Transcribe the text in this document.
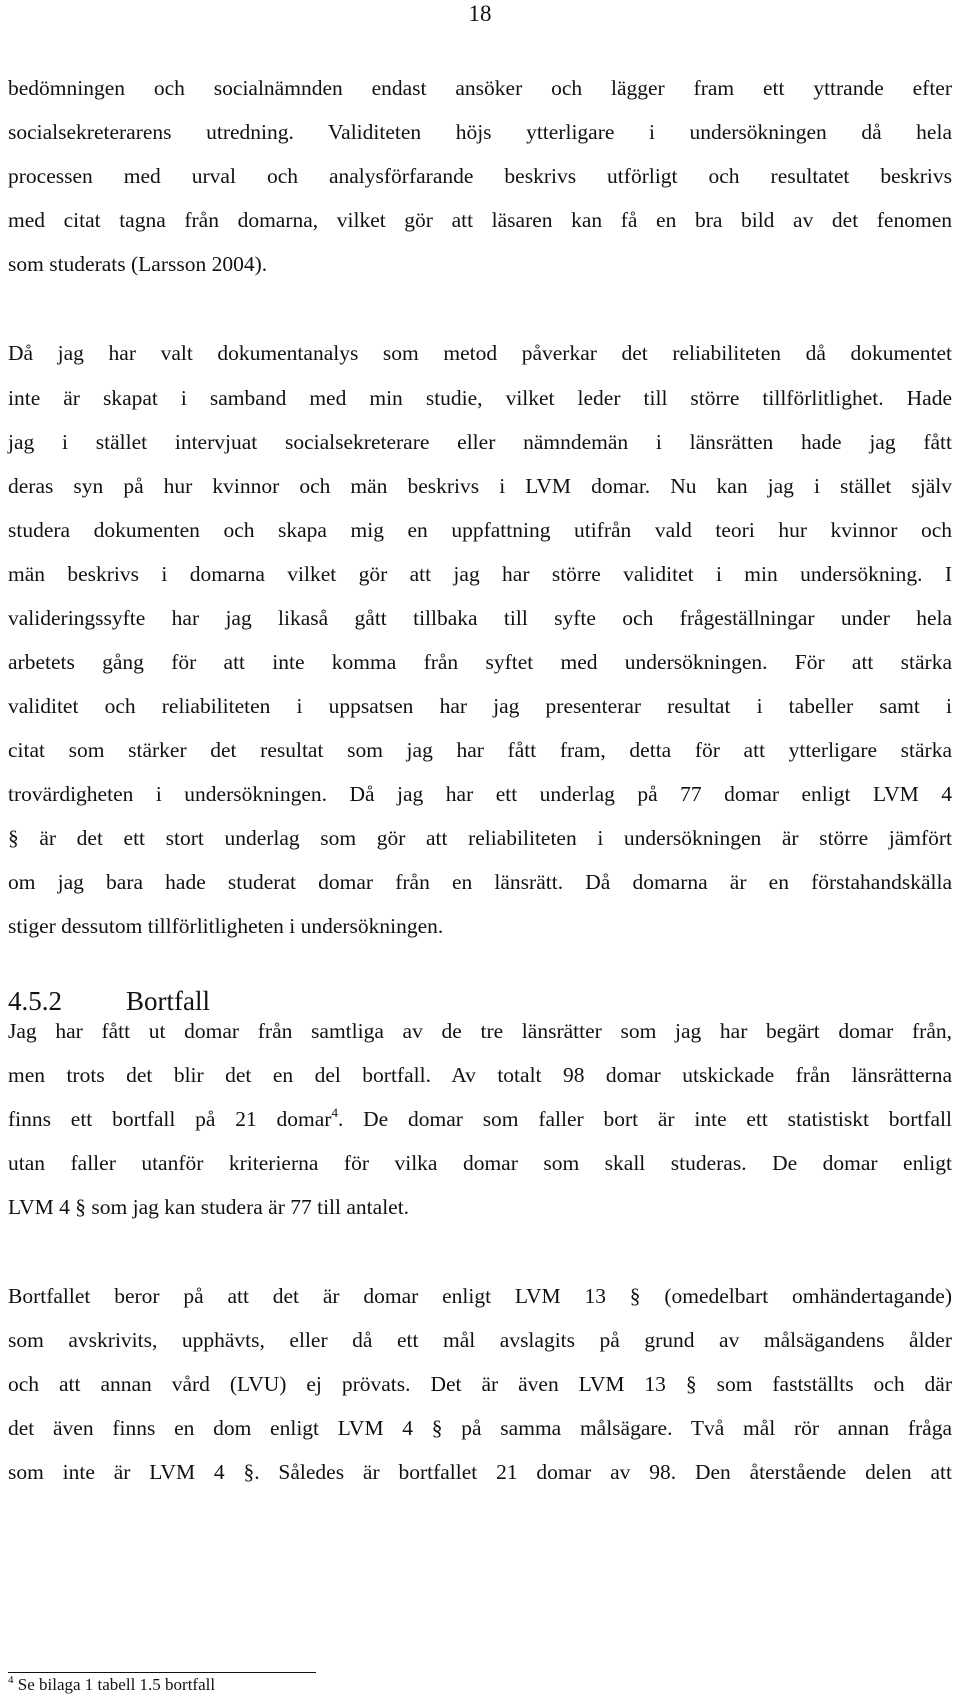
18
bedömningen och socialnämnden endast ansöker och lägger fram ett yttrande efter
socialsekreterarens utredning. Validiteten höjs ytterligare i undersökningen då hela
processen med urval och analysförfarande beskrivs utförligt och resultatet beskrivs
med citat tagna från domarna, vilket gör att läsaren kan få en bra bild av det fenomen
som studerats (Larsson 2004).
Då jag har valt dokumentanalys som metod påverkar det reliabiliteten då dokumentet
inte är skapat i samband med min studie, vilket leder till större tillförlitlighet. Hade
jag i stället intervjuat socialsekreterare eller nämndemän i länsrätten hade jag fått
deras syn på hur kvinnor och män beskrivs i LVM domar. Nu kan jag i stället själv
studera dokumenten och skapa mig en uppfattning utifrån vald teori hur kvinnor och
män beskrivs i domarna vilket gör att jag har större validitet i min undersökning. I
valideringssyfte har jag likaså gått tillbaka till syfte och frågeställningar under hela
arbetets gång för att inte komma från syftet med undersökningen. För att stärka
validitet och reliabiliteten i uppsatsen har jag presenterar resultat i tabeller samt i
citat som stärker det resultat som jag har fått fram, detta för att ytterligare stärka
trovärdigheten i undersökningen. Då jag har ett underlag på 77 domar enligt LVM 4
§ är det ett stort underlag som gör att reliabiliteten i undersökningen är större jämfört
om jag bara hade studerat domar från en länsrätt. Då domarna är en förstahandskälla
stiger dessutom tillförlitligheten i undersökningen.
4.5.2 Bortfall
Jag har fått ut domar från samtliga av de tre länsrätter som jag har begärt domar från,
men trots det blir det en del bortfall. Av totalt 98 domar utskickade från länsrätterna
finns ett bortfall på 21 domar$^4$. De domar som faller bort är inte ett statistiskt bortfall
utan faller utanför kriterierna för vilka domar som skall studeras. De domar enligt
LVM 4 § som jag kan studera är 77 till antalet.
Bortfallet beror på att det är domar enligt LVM 13 § (omedelbart omhändertagande)
som avskrivits, upphävts, eller då ett mål avslagits på grund av målsägandens ålder
och att annan vård (LVU) ej prövats. Det är även LVM 13 § som fastställts och där
det även finns en dom enligt LVM 4 § på samma målsägare. Två mål rör annan fråga
som inte är LVM 4 §. Således är bortfallet 21 domar av 98. Den återstående delen att
$^4$ Se bilaga 1 tabell 1.5 bortfall
